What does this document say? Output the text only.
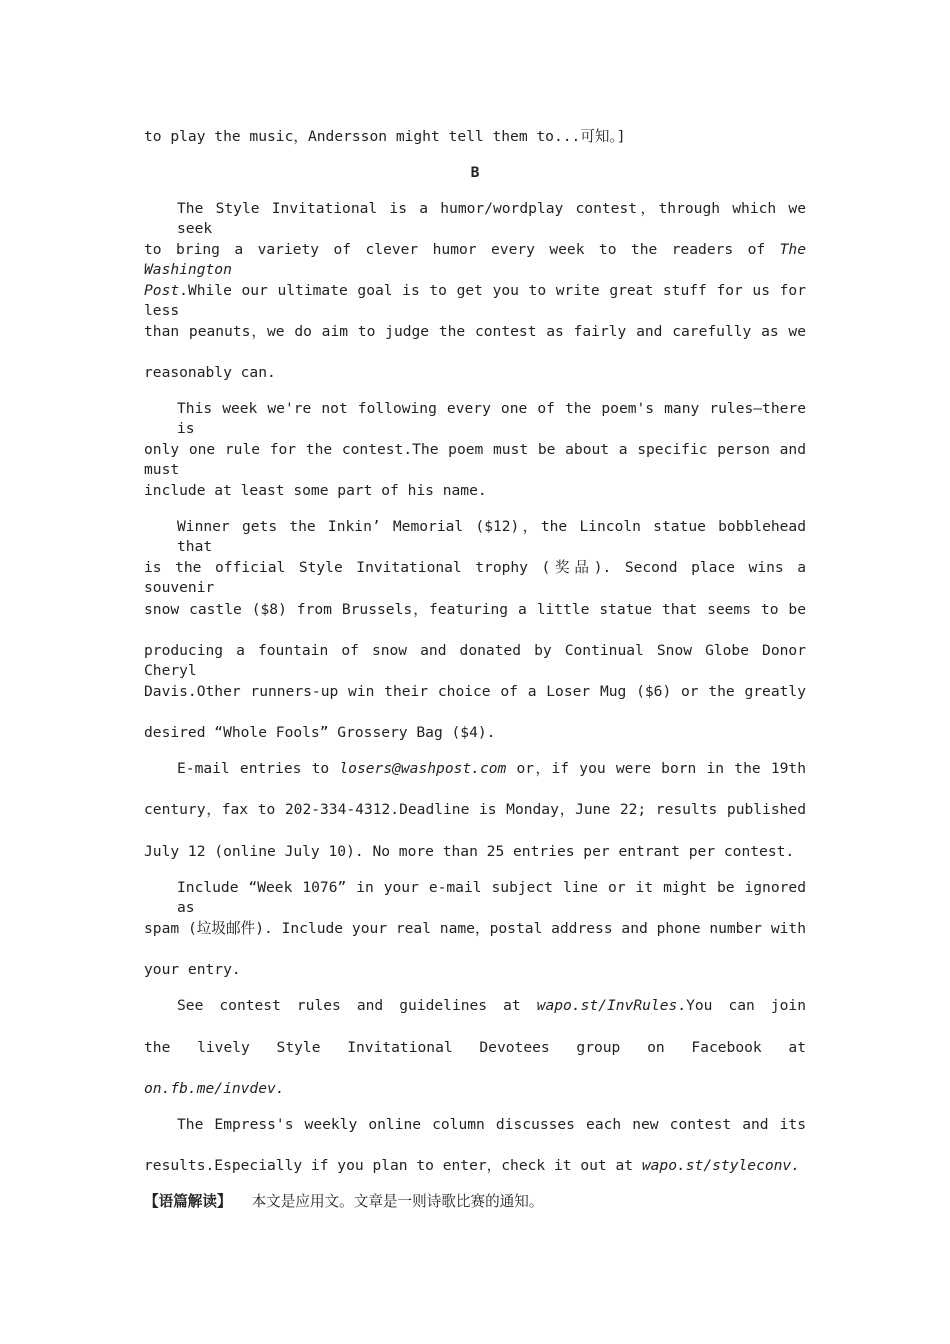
to play the music，Andersson might tell them to...可知。]
B
The Style Invitational is a humor/wordplay contest，through which we seek
to bring a variety of clever humor every week to the readers of The Washington
Post.While our ultimate goal is to get you to write great stuff for us for less
than peanuts，we do aim to judge the contest as fairly and carefully as we
reasonably can.
This week we're not following every one of the poem's many rules—there is
only one rule for the contest.The poem must be about a specific person and must
include at least some part of his name.
Winner gets the Inkin’ Memorial ($12)，the Lincoln statue bobblehead that
is the official Style Invitational trophy (奖品). Second place wins a souvenir
snow castle ($8) from Brussels，featuring a little statue that seems to be
producing a fountain of snow and donated by Continual Snow Globe Donor Cheryl
Davis.Other runners-up win their choice of a Loser Mug ($6) or the greatly
desired “Whole Fools” Grossery Bag ($4).
E-mail entries to losers@washpost.com or，if you were born in the 19th
century，fax to 202-334-4312.Deadline is Monday，June 22; results published
July 12 (online July 10). No more than 25 entries per entrant per contest.
Include “Week 1076” in your e-mail subject line or it might be ignored as
spam (垃圾邮件). Include your real name，postal address and phone number with
your entry.
See contest rules and guidelines at wapo.st/InvRules.You can join
the lively Style Invitational Devotees group on Facebook at
on.fb.me/invdev.
The Empress's weekly online column discusses each new contest and its
results.Especially if you plan to enter，check it out at wapo.st/styleconv.
【语篇解读】 本文是应用文。文章是一则诗歌比赛的通知。
